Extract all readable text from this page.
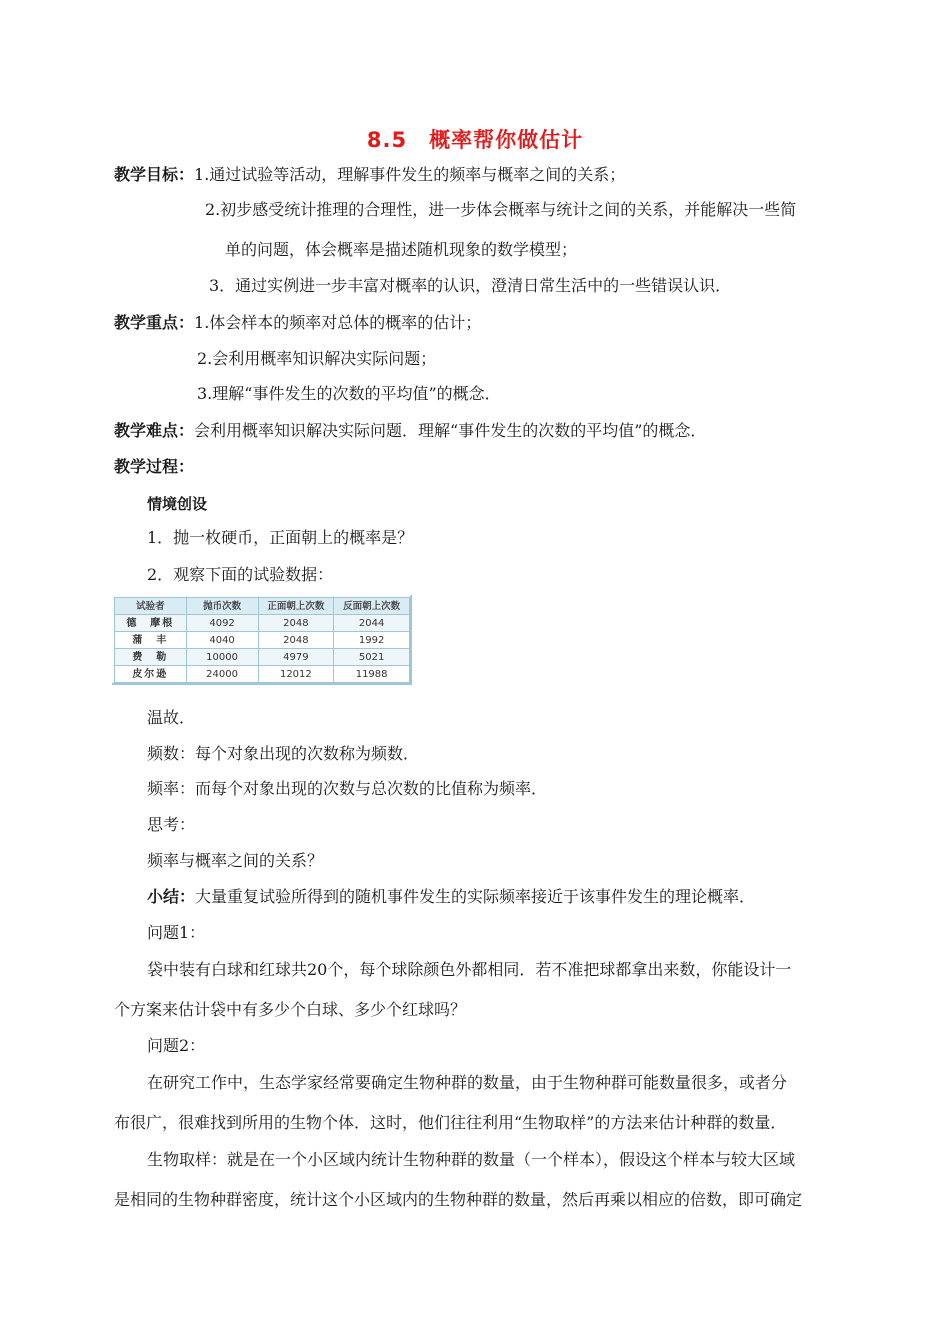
8.5　概率帮你做估计
教学目标：1.通过试验等活动，理解事件发生的频率与概率之间的关系；
2.初步感受统计推理的合理性，进一步体会概率与统计之间的关系，并能解决一些简
单的问题，体会概率是描述随机现象的数学模型；
3．通过实例进一步丰富对概率的认识，澄清日常生活中的一些错误认识．
教学重点：1.体会样本的频率对总体的概率的估计；
2.会利用概率知识解决实际问题；
3.理解“事件发生的次数的平均值”的概念．
教学难点：会利用概率知识解决实际问题．理解“事件发生的次数的平均值”的概念．
教学过程：
情境创设
1．抛一枚硬币，正面朝上的概率是？
2．观察下面的试验数据：
试验者	抛币次数	正面朝上次数	反面朝上次数
德　摩根	4092	2048	2044
蒲　丰	4040	2048	1992
费　勒	10000	4979	5021
皮尔逊	24000	12012	11988
温故．
频数：每个对象出现的次数称为频数．
频率：而每个对象出现的次数与总次数的比值称为频率．
思考：
频率与概率之间的关系？
小结：大量重复试验所得到的随机事件发生的实际频率接近于该事件发生的理论概率．
问题1：
袋中装有白球和红球共20个，每个球除颜色外都相同．若不准把球都拿出来数，你能设计一
个方案来估计袋中有多少个白球、多少个红球吗？
问题2：
在研究工作中，生态学家经常要确定生物种群的数量，由于生物种群可能数量很多，或者分
布很广，很难找到所用的生物个体．这时，他们往往利用“生物取样”的方法来估计种群的数量．
生物取样：就是在一个小区域内统计生物种群的数量（一个样本），假设这个样本与较大区域
是相同的生物种群密度，统计这个小区域内的生物种群的数量，然后再乘以相应的倍数，即可确定
